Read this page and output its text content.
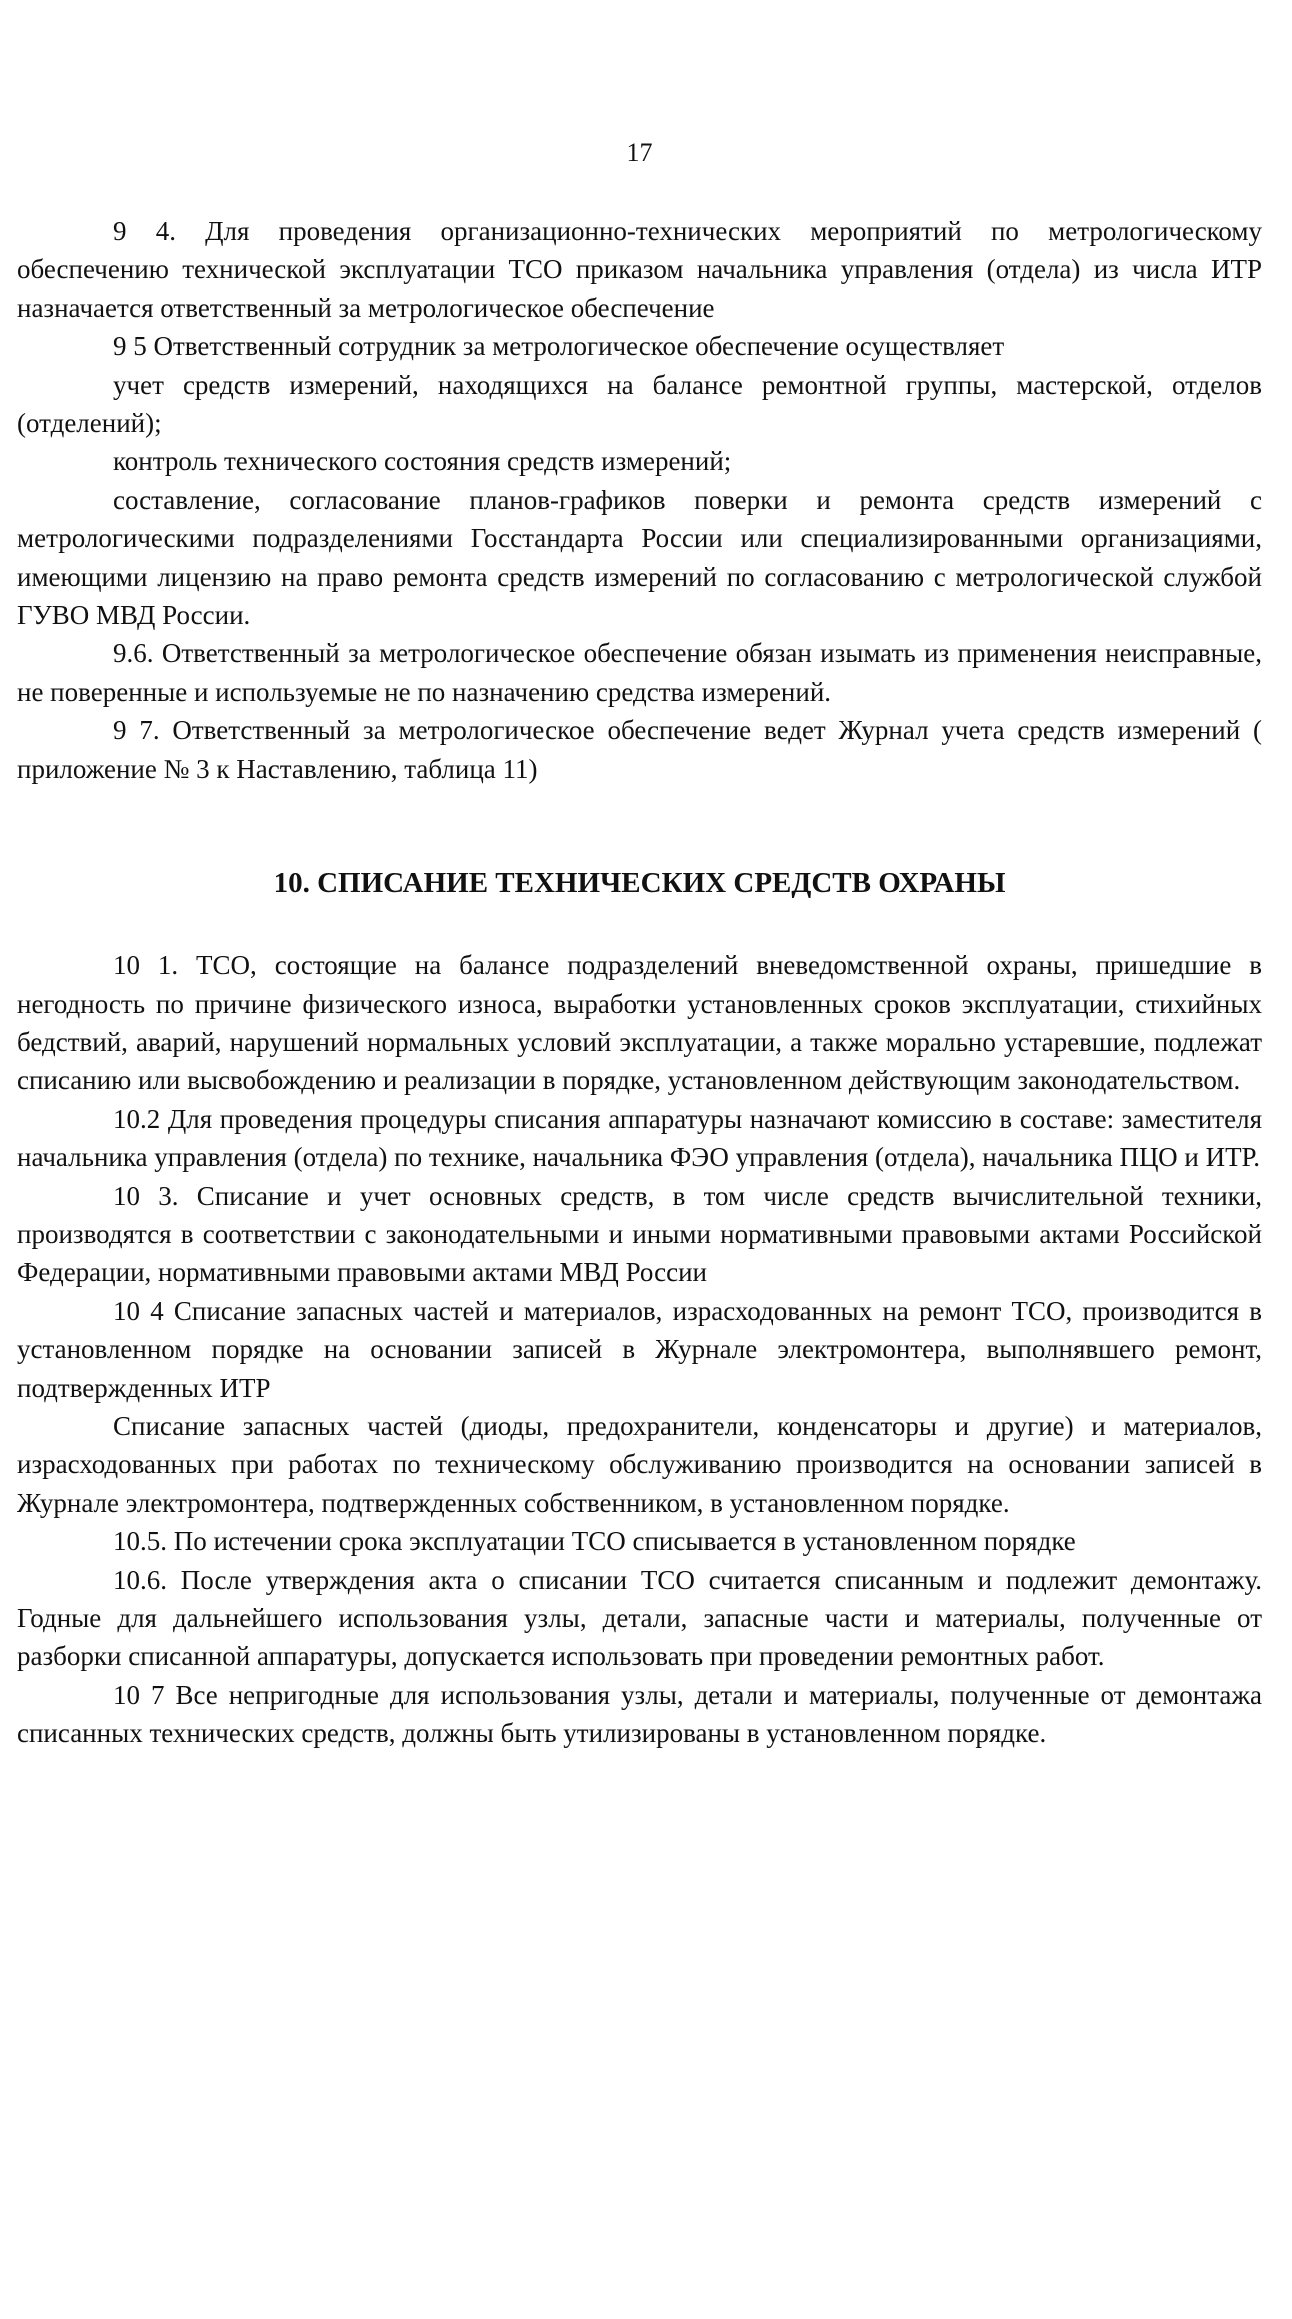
17

9 4. Для проведения организационно-технических мероприятий по метрологическому обеспечению технической эксплуатации ТСО приказом начальника управления (отдела) из числа ИТР назначается ответственный за метрологическое обеспечение

9 5 Ответственный сотрудник за метрологическое обеспечение осуществляет

учет средств измерений, находящихся на балансе ремонтной группы, мастерской, отделов (отделений);

контроль технического состояния средств измерений;

составление, согласование планов-графиков поверки и ремонта средств измерений с метрологическими подразделениями Госстандарта России или специализированными организациями, имеющими лицензию на право ремонта средств измерений по согласованию с метрологической службой ГУВО МВД России.

9.6. Ответственный за метрологическое обеспечение обязан изымать из применения неисправные, не поверенные и используемые не по назначению средства измерений.

9 7. Ответственный за метрологическое обеспечение ведет Журнал учета средств измерений ( приложение № 3 к Наставлению, таблица 11)

10. СПИСАНИЕ ТЕХНИЧЕСКИХ СРЕДСТВ ОХРАНЫ

10 1. ТСО, состоящие на балансе подразделений вневедомственной охраны, пришедшие в негодность по причине физического износа, выработки установленных сроков эксплуатации, стихийных бедствий, аварий, нарушений нормальных условий эксплуатации, а также морально устаревшие, подлежат списанию или высвобождению и реализации в порядке, установленном действующим законодательством.

10.2 Для проведения процедуры списания аппаратуры назначают комиссию в составе: заместителя начальника управления (отдела) по технике, начальника ФЭО управления (отдела), начальника ПЦО и ИТР.

10 3. Списание и учет основных средств, в том числе средств вычислительной техники, производятся в соответствии с законодательными и иными нормативными правовыми актами Российской Федерации, нормативными правовыми актами МВД России

10 4 Списание запасных частей и материалов, израсходованных на ремонт ТСО, производится в установленном порядке на основании записей в Журнале электромонтера, выполнявшего ремонт, подтвержденных ИТР

Списание запасных частей (диоды, предохранители, конденсаторы и другие) и материалов, израсходованных при работах по техническому обслуживанию производится на основании записей в Журнале электромонтера, подтвержденных собственником, в установленном порядке.

10.5. По истечении срока эксплуатации ТСО списывается в установленном порядке

10.6. После утверждения акта о списании ТСО считается списанным и подлежит демонтажу. Годные для дальнейшего использования узлы, детали, запасные части и материалы, полученные от разборки списанной аппаратуры, допускается использовать при проведении ремонтных работ.

10 7 Все непригодные для использования узлы, детали и материалы, полученные от демонтажа списанных технических средств, должны быть утилизированы в установленном порядке.
